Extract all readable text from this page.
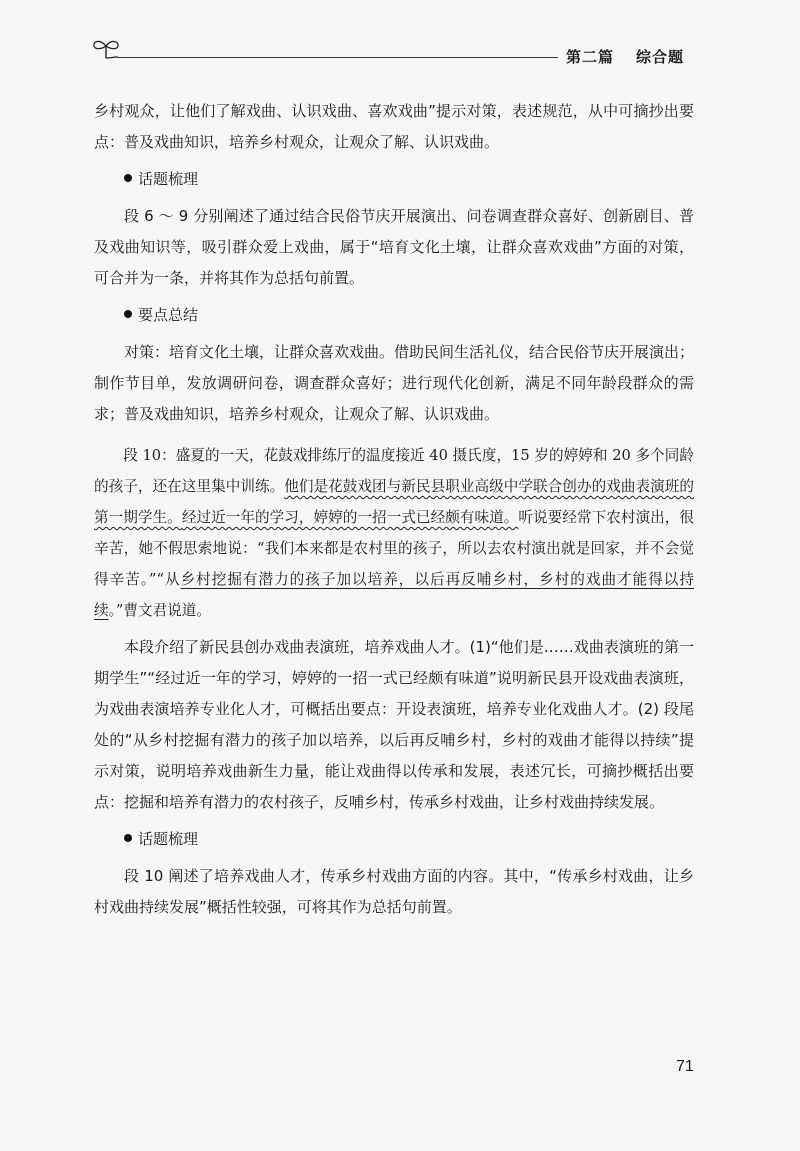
第二篇 综合题

乡村观众，让他们了解戏曲、认识戏曲、喜欢戏曲”提示对策，表述规范，从中可摘抄出要点：普及戏曲知识，培养乡村观众，让观众了解、认识戏曲。

话题梳理

段 6 ～ 9 分别阐述了通过结合民俗节庆开展演出、问卷调查群众喜好、创新剧目、普及戏曲知识等，吸引群众爱上戏曲，属于“培育文化土壤，让群众喜欢戏曲”方面的对策，可合并为一条，并将其作为总括句前置。

要点总结

对策：培育文化土壤，让群众喜欢戏曲。借助民间生活礼仪，结合民俗节庆开展演出；制作节目单，发放调研问卷，调查群众喜好；进行现代化创新，满足不同年龄段群众的需求；普及戏曲知识，培养乡村观众，让观众了解、认识戏曲。

段 10：盛夏的一天，花鼓戏排练厅的温度接近 40 摄氏度，15 岁的婷婷和 20 多个同龄的孩子，还在这里集中训练。他们是花鼓戏团与新民县职业高级中学联合创办的戏曲表演班的第一期学生。经过近一年的学习，婷婷的一招一式已经颇有味道。听说要经常下农村演出，很辛苦，她不假思索地说：“我们本来都是农村里的孩子，所以去农村演出就是回家，并不会觉得辛苦。”“从乡村挖掘有潜力的孩子加以培养，以后再反哺乡村，乡村的戏曲才能得以持续。”曹文君说道。

本段介绍了新民县创办戏曲表演班，培养戏曲人才。(1)“他们是……戏曲表演班的第一期学生”“经过近一年的学习，婷婷的一招一式已经颇有味道”说明新民县开设戏曲表演班，为戏曲表演培养专业化人才，可概括出要点：开设表演班，培养专业化戏曲人才。(2) 段尾处的“从乡村挖掘有潜力的孩子加以培养，以后再反哺乡村，乡村的戏曲才能得以持续”提示对策，说明培养戏曲新生力量，能让戏曲得以传承和发展，表述冗长，可摘抄概括出要点：挖掘和培养有潜力的农村孩子，反哺乡村，传承乡村戏曲，让乡村戏曲持续发展。

话题梳理

段 10 阐述了培养戏曲人才，传承乡村戏曲方面的内容。其中，“传承乡村戏曲，让乡村戏曲持续发展”概括性较强，可将其作为总括句前置。

71
